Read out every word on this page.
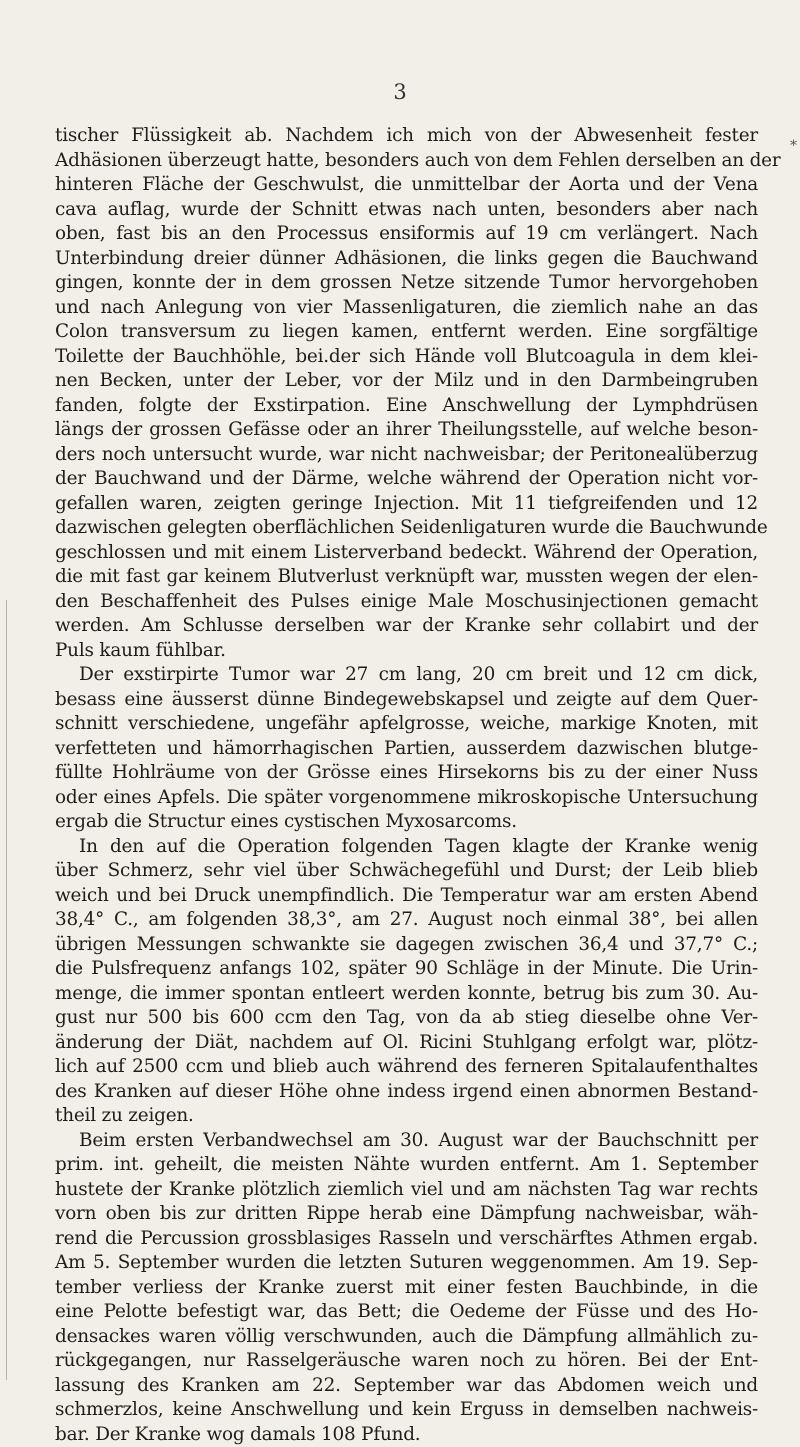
3
*
tischer Flüssigkeit ab. Nachdem ich mich von der Abwesenheit fester
Adhäsionen überzeugt hatte, besonders auch von dem Fehlen derselben an der
hinteren Fläche der Geschwulst, die unmittelbar der Aorta und der Vena
cava auflag, wurde der Schnitt etwas nach unten, besonders aber nach
oben, fast bis an den Processus ensiformis auf 19 cm verlängert. Nach
Unterbindung dreier dünner Adhäsionen, die links gegen die Bauchwand
gingen, konnte der in dem grossen Netze sitzende Tumor hervorgehoben
und nach Anlegung von vier Massenligaturen, die ziemlich nahe an das
Colon transversum zu liegen kamen, entfernt werden. Eine sorgfältige
Toilette der Bauchhöhle, bei.der sich Hände voll Blutcoagula in dem klei-
nen Becken, unter der Leber, vor der Milz und in den Darmbeingruben
fanden, folgte der Exstirpation. Eine Anschwellung der Lymphdrüsen
längs der grossen Gefässe oder an ihrer Theilungsstelle, auf welche beson-
ders noch untersucht wurde, war nicht nachweisbar; der Peritonealüberzug
der Bauchwand und der Därme, welche während der Operation nicht vor-
gefallen waren, zeigten geringe Injection. Mit 11 tiefgreifenden und 12
dazwischen gelegten oberflächlichen Seidenligaturen wurde die Bauchwunde
geschlossen und mit einem Listerverband bedeckt. Während der Operation,
die mit fast gar keinem Blutverlust verknüpft war, mussten wegen der elen-
den Beschaffenheit des Pulses einige Male Moschusinjectionen gemacht
werden. Am Schlusse derselben war der Kranke sehr collabirt und der
Puls kaum fühlbar.
Der exstirpirte Tumor war 27 cm lang, 20 cm breit und 12 cm dick,
besass eine äusserst dünne Bindegewebskapsel und zeigte auf dem Quer-
schnitt verschiedene, ungefähr apfelgrosse, weiche, markige Knoten, mit
verfetteten und hämorrhagischen Partien, ausserdem dazwischen blutge-
füllte Hohlräume von der Grösse eines Hirsekorns bis zu der einer Nuss
oder eines Apfels. Die später vorgenommene mikroskopische Untersuchung
ergab die Structur eines cystischen Myxosarcoms.
In den auf die Operation folgenden Tagen klagte der Kranke wenig
über Schmerz, sehr viel über Schwächegefühl und Durst; der Leib blieb
weich und bei Druck unempfindlich. Die Temperatur war am ersten Abend
38,4° C., am folgenden 38,3°, am 27. August noch einmal 38°, bei allen
übrigen Messungen schwankte sie dagegen zwischen 36,4 und 37,7° C.;
die Pulsfrequenz anfangs 102, später 90 Schläge in der Minute. Die Urin-
menge, die immer spontan entleert werden konnte, betrug bis zum 30. Au-
gust nur 500 bis 600 ccm den Tag, von da ab stieg dieselbe ohne Ver-
änderung der Diät, nachdem auf Ol. Ricini Stuhlgang erfolgt war, plötz-
lich auf 2500 ccm und blieb auch während des ferneren Spitalaufenthaltes
des Kranken auf dieser Höhe ohne indess irgend einen abnormen Bestand-
theil zu zeigen.
Beim ersten Verbandwechsel am 30. August war der Bauchschnitt per
prim. int. geheilt, die meisten Nähte wurden entfernt. Am 1. September
hustete der Kranke plötzlich ziemlich viel und am nächsten Tag war rechts
vorn oben bis zur dritten Rippe herab eine Dämpfung nachweisbar, wäh-
rend die Percussion grossblasiges Rasseln und verschärftes Athmen ergab.
Am 5. September wurden die letzten Suturen weggenommen. Am 19. Sep-
tember verliess der Kranke zuerst mit einer festen Bauchbinde, in die
eine Pelotte befestigt war, das Bett; die Oedeme der Füsse und des Ho-
densackes waren völlig verschwunden, auch die Dämpfung allmählich zu-
rückgegangen, nur Rasselgeräusche waren noch zu hören. Bei der Ent-
lassung des Kranken am 22. September war das Abdomen weich und
schmerzlos, keine Anschwellung und kein Erguss in demselben nachweis-
bar. Der Kranke wog damals 108 Pfund.
